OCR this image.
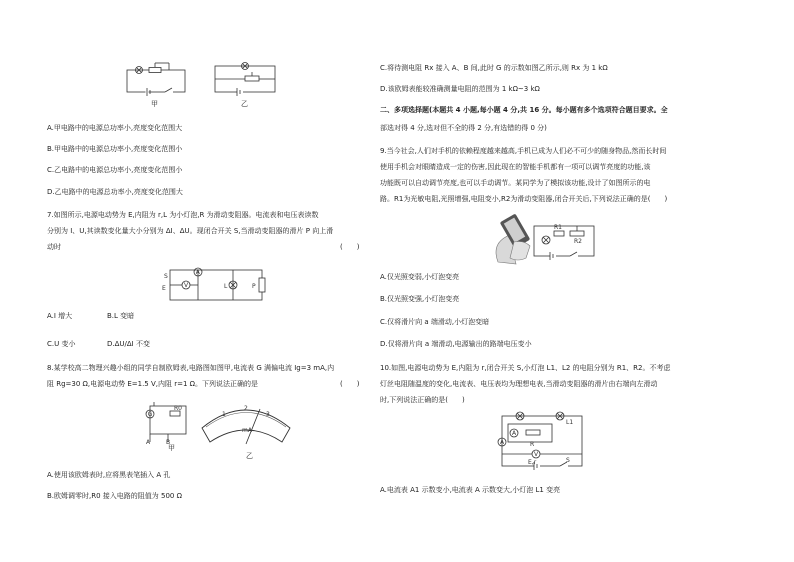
甲	乙
A.甲电路中的电源总功率小,亮度变化范围大
B.甲电路中的电源总功率小,亮度变化范围小
C.乙电路中的电源总功率小,亮度变化范围小
D.乙电路中的电源总功率小,亮度变化范围大
7.如图所示,电源电动势为 E,内阻为 r,L 为小灯泡,R 为滑动变阻器。电流表和电压表读数
分别为 I、U,其读数变化量大小分别为 ΔI、ΔU。现闭合开关 S,当滑动变阻器的滑片 P 向上滑
动时	(　　)
A
V
S
E	L	P
A.I 增大	B.L 变暗
C.U 变小	D.ΔU/ΔI 不变
8.某学校高二物理兴趣小组的同学自制欧姆表,电路图如图甲,电流表 G 满偏电流 Ig=3 mA,内
阻 Rg=30 Ω,电源电动势 E=1.5 V,内阻 r=1 Ω。下列说法正确的是	(　　)
G
A	B
R0
1
2
3
mA
甲
乙
A.使用该欧姆表时,应将黑表笔插入 A 孔
B.欧姆调零时,R0 接入电路的阻值为 500 Ω
C.将待测电阻 Rx 接入 A、B 间,此时 G 的示数如图乙所示,则 Rx 为 1 kΩ
D.该欧姆表能较准确测量电阻的范围为 1 kΩ~3 kΩ
二、多项选择题(本题共 4 小题,每小题 4 分,共 16 分。每小题有多个选项符合题目要求。全
部选对得 4 分,选对但不全的得 2 分,有选错的得 0 分)
9.当今社会,人们对手机的依赖程度越来越高,手机已成为人们必不可少的随身物品,然而长时间
使用手机会对眼睛造成一定的伤害,因此现在的智能手机都有一项可以调节亮度的功能,该
功能既可以自动调节亮度,也可以手动调节。某同学为了模拟该功能,设计了如图所示的电
路。R1为光敏电阻,光照增强,电阻变小,R2为滑动变阻器,闭合开关后,下列说法正确的是(　　)
R1
R2
A.仅光照变弱,小灯泡变亮
B.仅光照变强,小灯泡变亮
C.仅将滑片向 a 端滑动,小灯泡变暗
D.仅将滑片向 a 端滑动,电源输出的路端电压变小
10.如图,电源电动势为 E,内阻为 r,闭合开关 S,小灯泡 L1、L2 的电阻分别为 R1、R2。不考虑
灯丝电阻随温度的变化,电流表、电压表均为理想电表,当滑动变阻器的滑片由右端向左滑动
时,下列说法正确的是(　　)
L1
A
R
A
V
E,r	S
A.电流表 A1 示数变小,电流表 A 示数变大,小灯泡 L1 变亮
